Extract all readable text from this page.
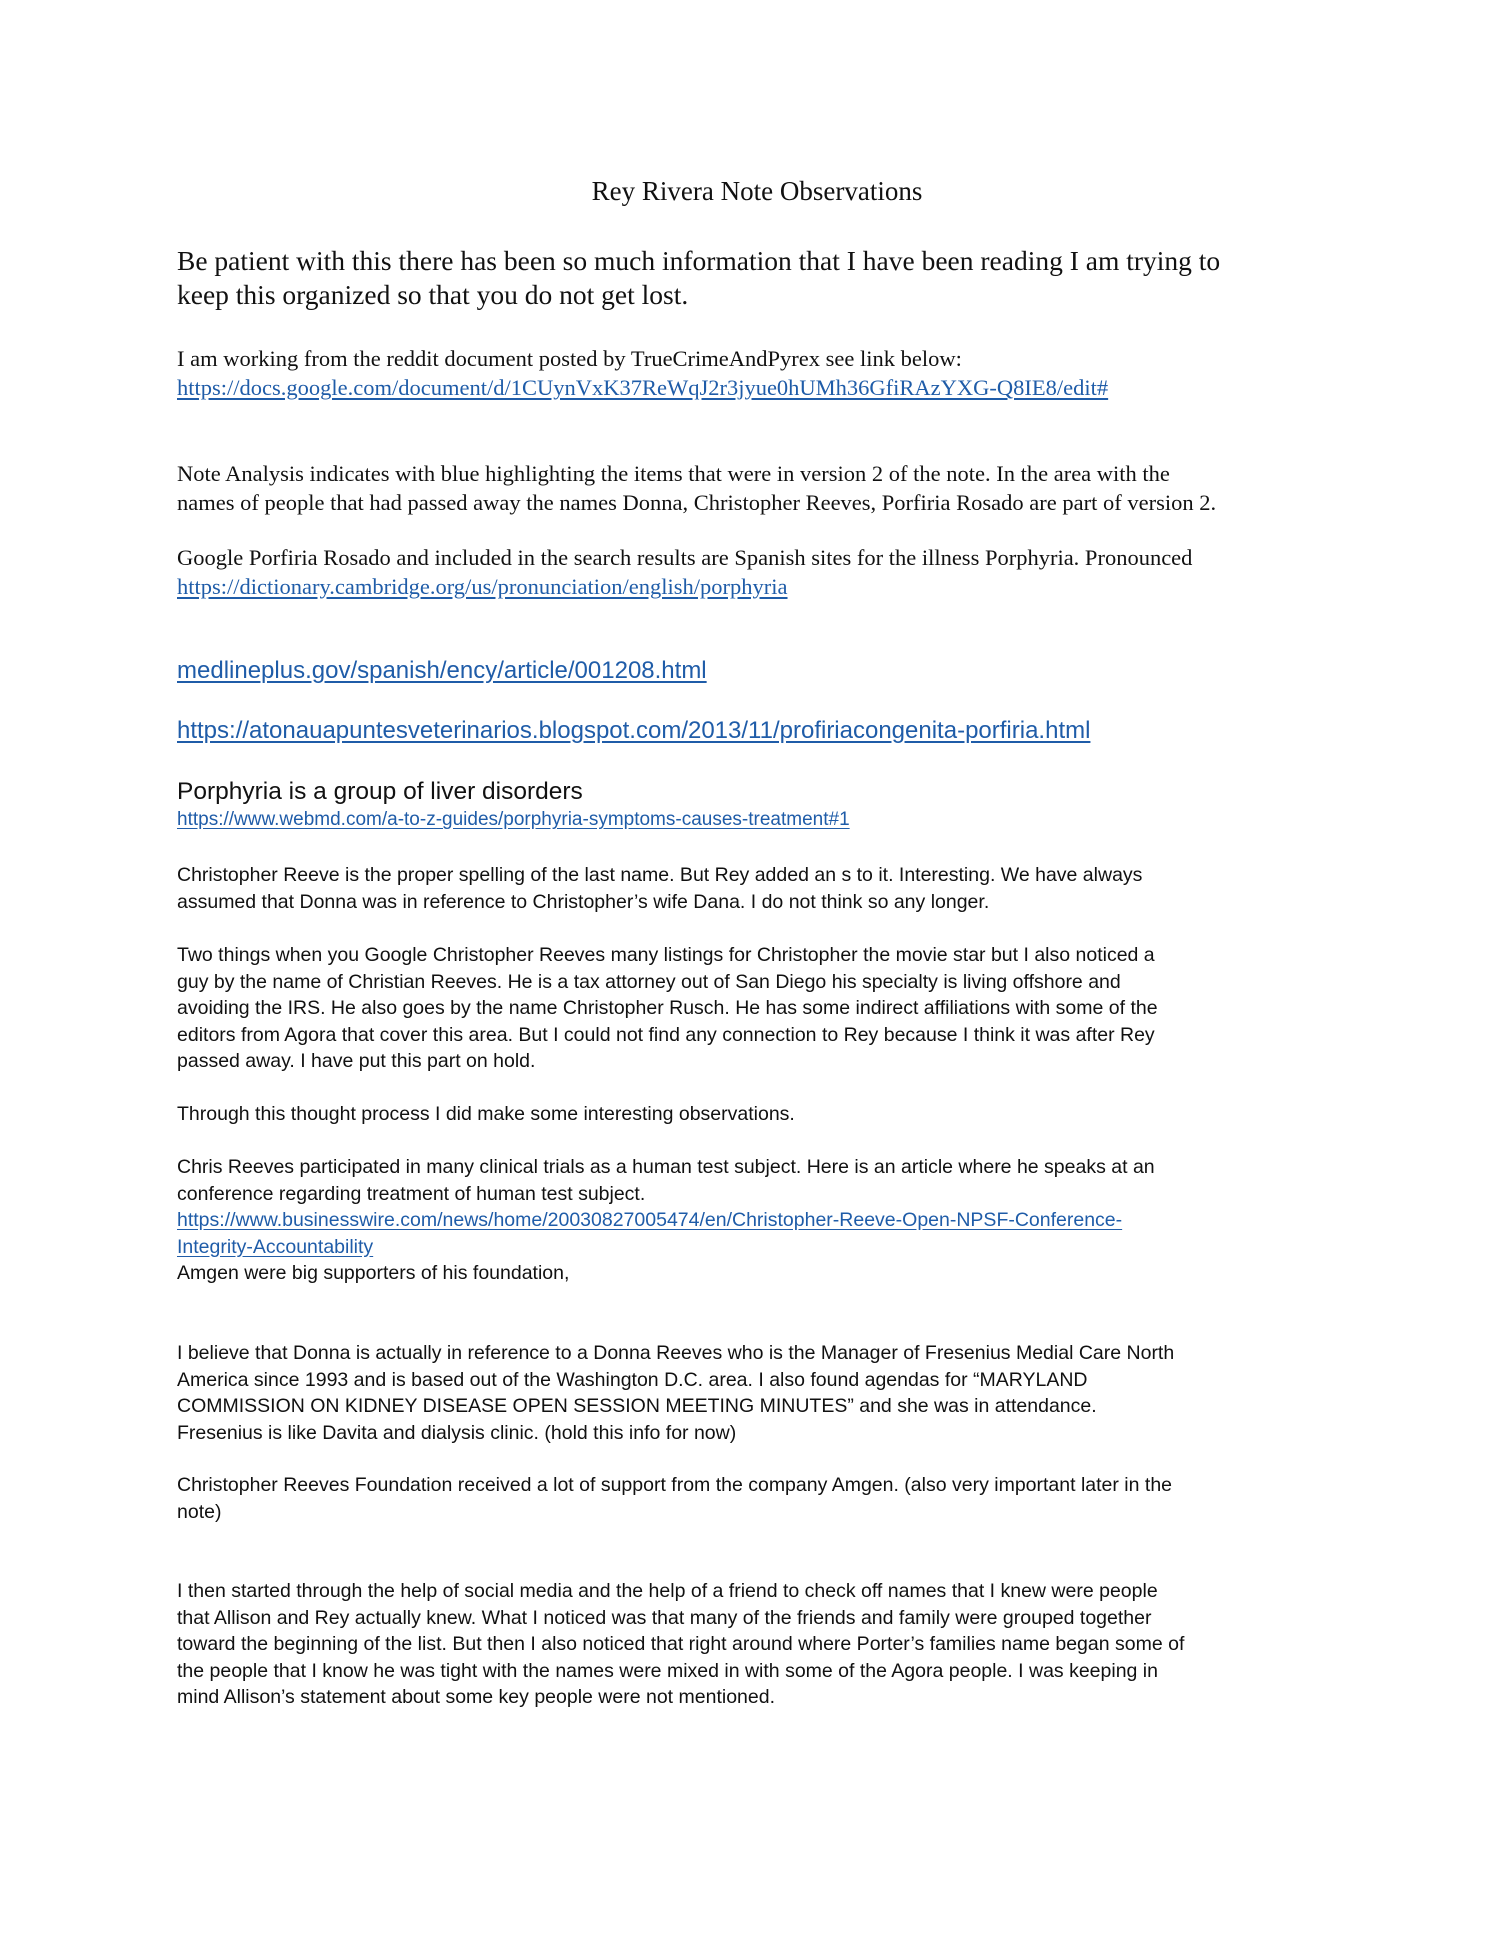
Rey Rivera Note Observations

Be patient with this there has been so much information that I have been reading I am trying to
keep this organized so that you do not get lost.

I am working from the reddit document posted by TrueCrimeAndPyrex see link below:
https://docs.google.com/document/d/1CUynVxK37ReWqJ2r3jyue0hUMh36GfiRAzYXG-Q8IE8/edit#

Note Analysis indicates with blue highlighting the items that were in version 2 of the note. In the area with the
names of people that had passed away the names Donna, Christopher Reeves, Porfiria Rosado are part of version 2.

Google Porfiria Rosado and included in the search results are Spanish sites for the illness Porphyria. Pronounced
https://dictionary.cambridge.org/us/pronunciation/english/porphyria

medlineplus.gov/spanish/ency/article/001208.html

https://atonauapuntesveterinarios.blogspot.com/2013/11/profiriacongenita-porfiria.html

Porphyria is a group of liver disorders
https://www.webmd.com/a-to-z-guides/porphyria-symptoms-causes-treatment#1

Christopher Reeve is the proper spelling of the last name. But Rey added an s to it. Interesting. We have always
assumed that Donna was in reference to Christopher’s wife Dana. I do not think so any longer.

Two things when you Google Christopher Reeves many listings for Christopher the movie star but I also noticed a
guy by the name of Christian Reeves. He is a tax attorney out of San Diego his specialty is living offshore and
avoiding the IRS. He also goes by the name Christopher Rusch. He has some indirect affiliations with some of the
editors from Agora that cover this area. But I could not find any connection to Rey because I think it was after Rey
passed away. I have put this part on hold.

Through this thought process I did make some interesting observations.

Chris Reeves participated in many clinical trials as a human test subject. Here is an article where he speaks at an
conference regarding treatment of human test subject.
https://www.businesswire.com/news/home/20030827005474/en/Christopher-Reeve-Open-NPSF-Conference-
Integrity-Accountability
Amgen were big supporters of his foundation,

I believe that Donna is actually in reference to a Donna Reeves who is the Manager of Fresenius Medial Care North
America since 1993 and is based out of the Washington D.C. area. I also found agendas for “MARYLAND
COMMISSION ON KIDNEY DISEASE OPEN SESSION MEETING MINUTES” and she was in attendance.
Fresenius is like Davita and dialysis clinic. (hold this info for now)

Christopher Reeves Foundation received a lot of support from the company Amgen. (also very important later in the
note)

I then started through the help of social media and the help of a friend to check off names that I knew were people
that Allison and Rey actually knew. What I noticed was that many of the friends and family were grouped together
toward the beginning of the list. But then I also noticed that right around where Porter’s families name began some of
the people that I know he was tight with the names were mixed in with some of the Agora people. I was keeping in
mind Allison’s statement about some key people were not mentioned.
